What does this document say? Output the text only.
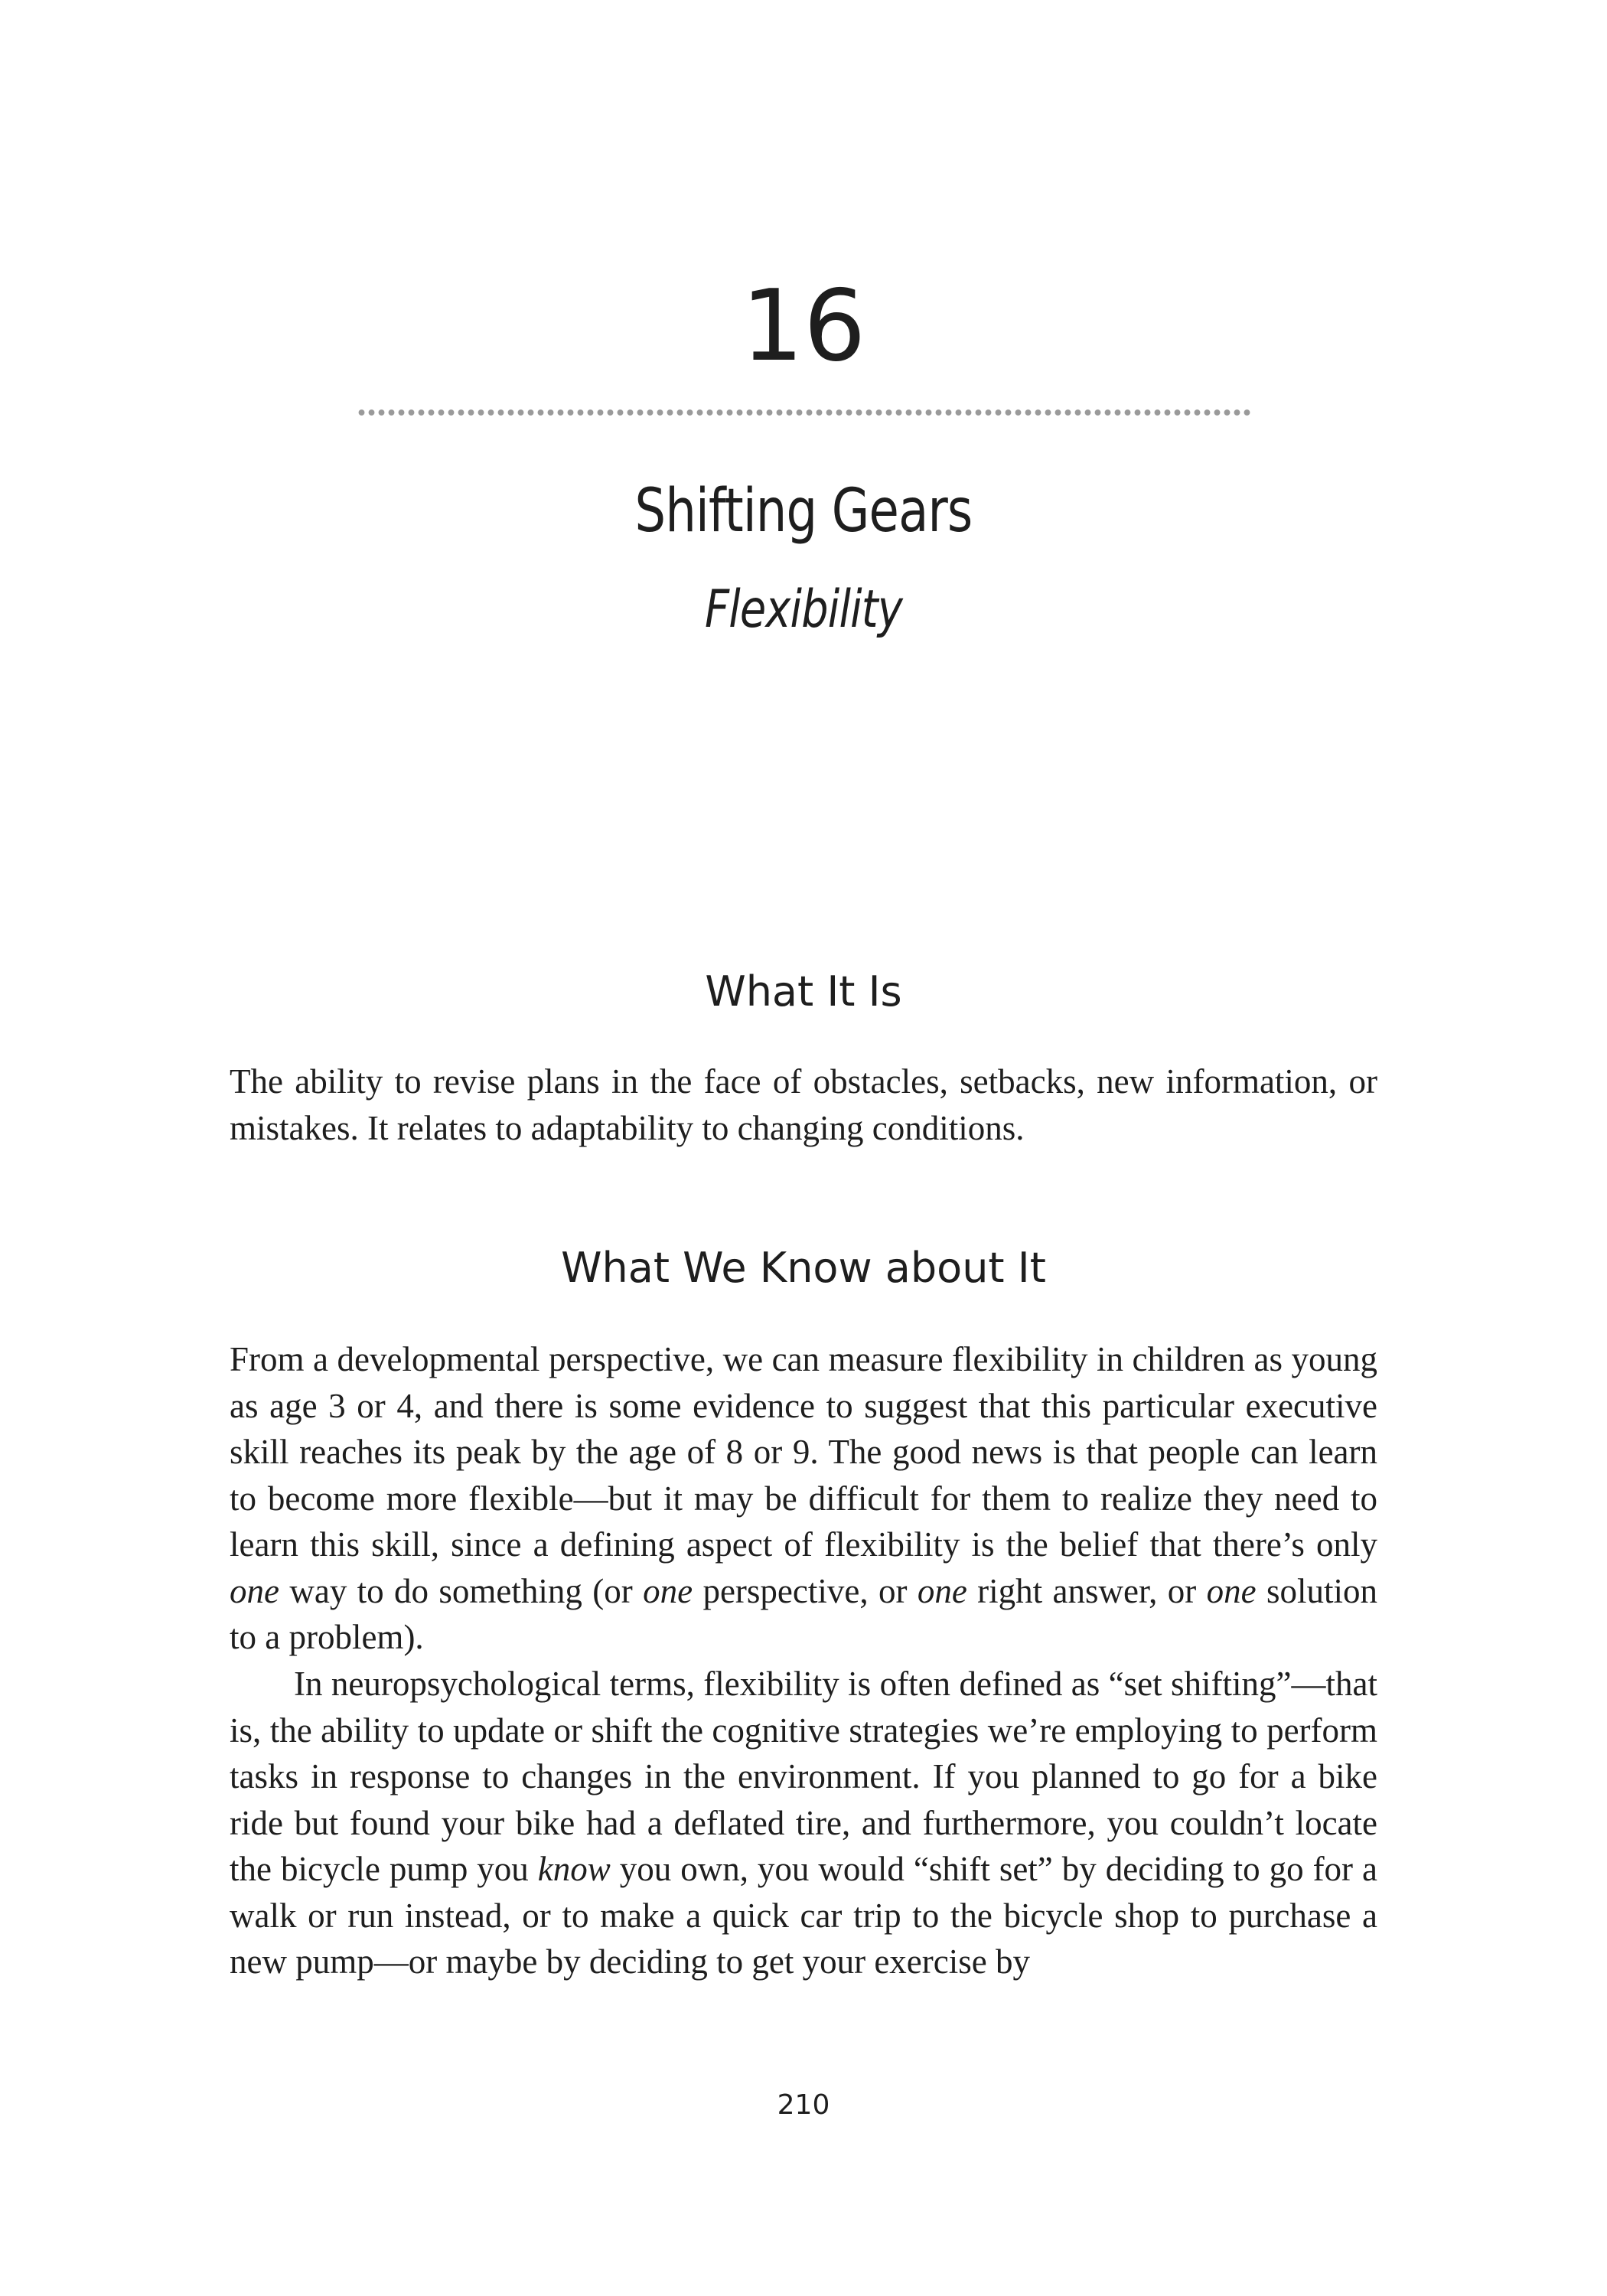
16
Shifting Gears
Flexibility
What It Is

The ability to revise plans in the face of obstacles, setbacks, new information, or mistakes. It relates to adaptability to changing conditions.

What We Know about It

From a developmental perspective, we can measure flexibility in children as young as age 3 or 4, and there is some evidence to suggest that this particular executive skill reaches its peak by the age of 8 or 9. The good news is that people can learn to become more flexible—but it may be difficult for them to realize they need to learn this skill, since a defining aspect of flexibility is the belief that there’s only one way to do something (or one perspective, or one right answer, or one solution to a problem).

In neuropsychological terms, flexibility is often defined as “set shifting”—that is, the ability to update or shift the cognitive strategies we’re employing to perform tasks in response to changes in the environment. If you planned to go for a bike ride but found your bike had a deflated tire, and furthermore, you couldn’t locate the bicycle pump you know you own, you would “shift set” by deciding to go for a walk or run instead, or to make a quick car trip to the bicycle shop to purchase a new pump—or maybe by deciding to get your exercise by

210
